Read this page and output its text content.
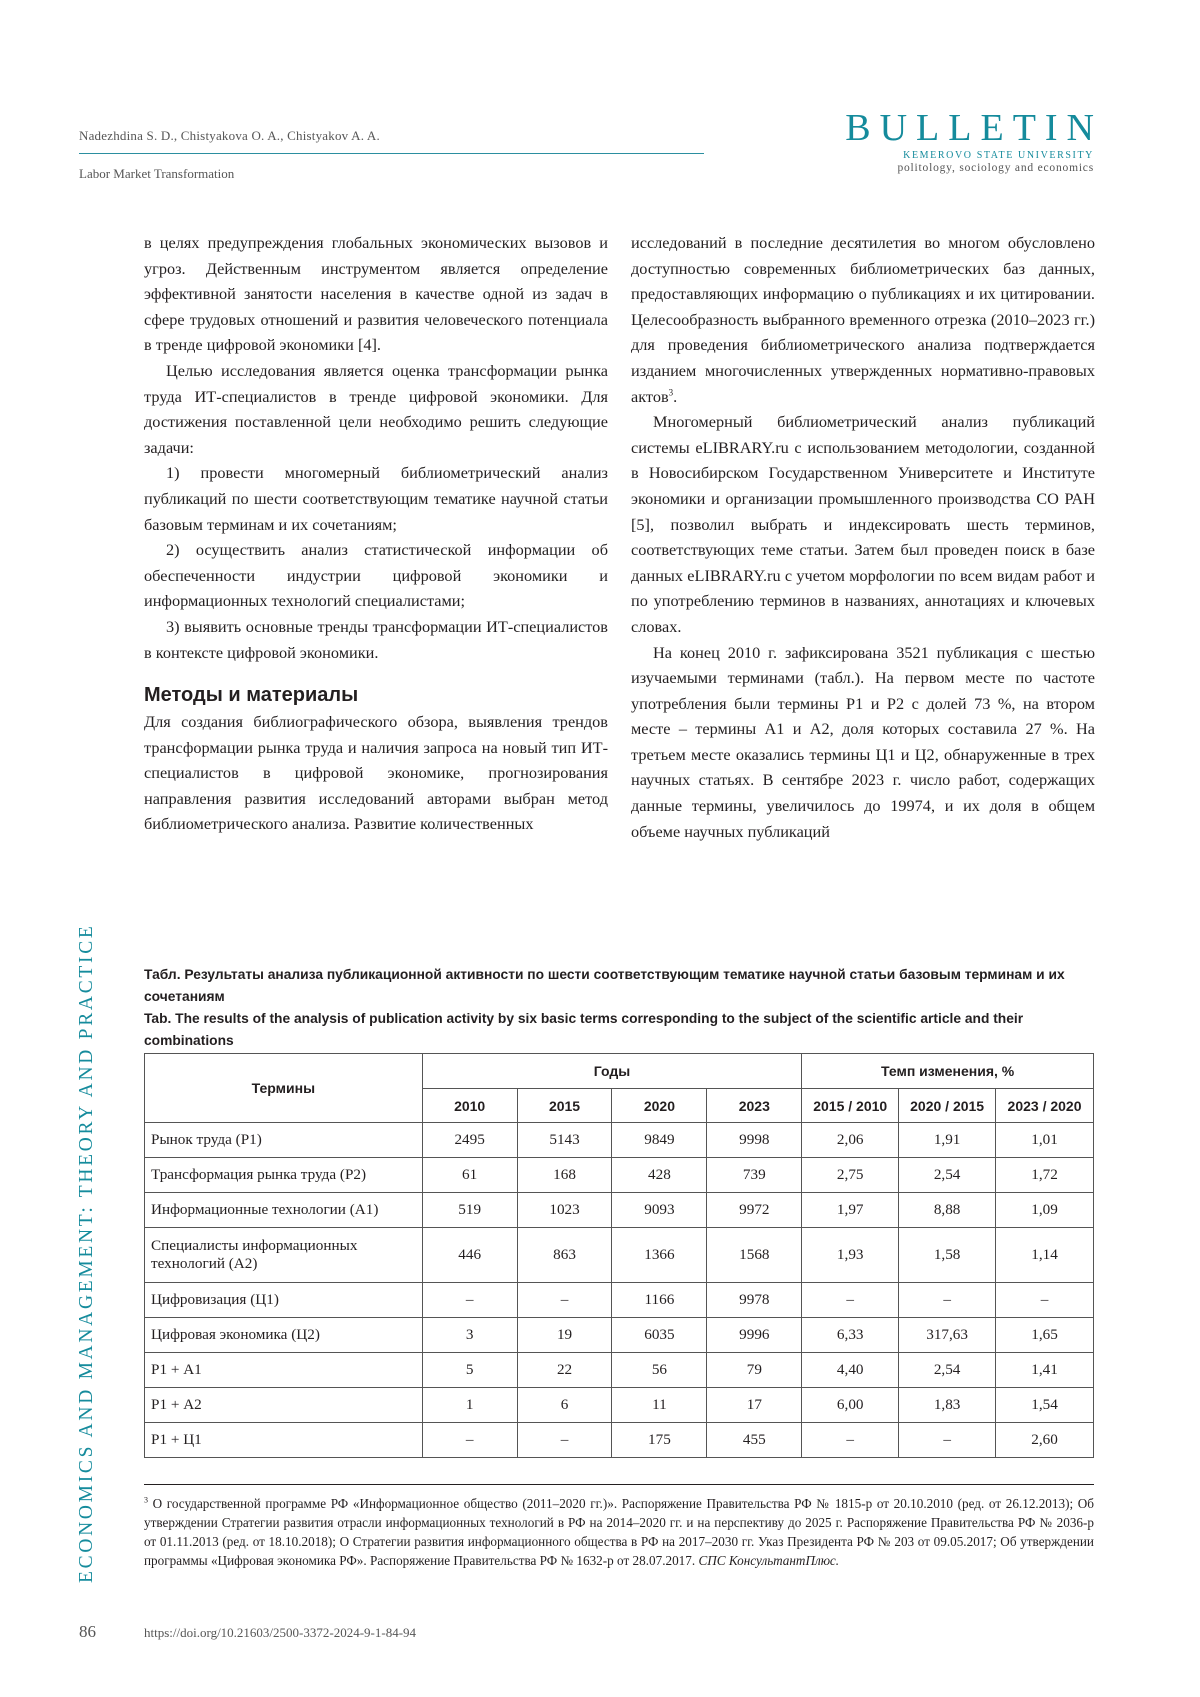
Nadezhdina S. D., Chistyakova O. A., Chistyakov A. A.
Labor Market Transformation
BULLETIN
KEMEROVO STATE UNIVERSITY
politology, sociology and economics
ECONOMICS AND MANAGEMENT: THEORY AND PRACTICE

в целях предупреждения глобальных экономических вызовов и угроз. Действенным инструментом является определение эффективной занятости населения в качестве одной из задач в сфере трудовых отношений и развития человеческого потенциала в тренде цифровой экономики [4].

Целью исследования является оценка трансформации рынка труда ИТ-специалистов в тренде цифровой экономики. Для достижения поставленной цели необходимо решить следующие задачи:

1) провести многомерный библиометрический анализ публикаций по шести соответствующим тематике научной статьи базовым терминам и их сочетаниям;

2) осуществить анализ статистической информации об обеспеченности индустрии цифровой экономики и информационных технологий специалистами;

3) выявить основные тренды трансформации ИТ-специалистов в контексте цифровой экономики.

Методы и материалы

Для создания библиографического обзора, выявления трендов трансформации рынка труда и наличия запроса на новый тип ИТ-специалистов в цифровой экономике, прогнозирования направления развития исследований авторами выбран метод библиометрического анализа. Развитие количественных

исследований в последние десятилетия во многом обусловлено доступностью современных библиометрических баз данных, предоставляющих информацию о публикациях и их цитировании. Целесообразность выбранного временного отрезка (2010–2023 гг.) для проведения библиометрического анализа подтверждается изданием многочисленных утвержденных нормативно-правовых актов$^3$.

Многомерный библиометрический анализ публикаций системы eLIBRARY.ru с использованием методологии, созданной в Новосибирском Государственном Университете и Институте экономики и организации промышленного производства СО РАН [5], позволил выбрать и индексировать шесть терминов, соответствующих теме статьи. Затем был проведен поиск в базе данных eLIBRARY.ru с учетом морфологии по всем видам работ и по употреблению терминов в названиях, аннотациях и ключевых словах.

На конец 2010 г. зафиксирована 3521 публикация с шестью изучаемыми терминами (табл.). На первом месте по частоте употребления были термины Р1 и Р2 с долей 73 %, на втором месте – термины А1 и А2, доля которых составила 27 %. На третьем месте оказались термины Ц1 и Ц2, обнаруженные в трех научных статьях. В сентябре 2023 г. число работ, содержащих данные термины, увеличилось до 19974, и их доля в общем объеме научных публикаций

Табл. Результаты анализа публикационной активности по шести соответствующим тематике научной статьи базовым терминам и их сочетаниям
Tab. The results of the analysis of publication activity by six basic terms corresponding to the subject of the scientific article and their combinations
Термины	Годы				Темп изменения, %		
	2010	2015	2020	2023	2015 / 2010	2020 / 2015	2023 / 2020
Рынок труда (Р1)	2495	5143	9849	9998	2,06	1,91	1,01
Трансформация рынка труда (Р2)	61	168	428	739	2,75	2,54	1,72
Информационные технологии (А1)	519	1023	9093	9972	1,97	8,88	1,09
Специалисты информационных технологий (А2)	446	863	1366	1568	1,93	1,58	1,14
Цифровизация (Ц1)	–	–	1166	9978	–	–	–
Цифровая экономика (Ц2)	3	19	6035	9996	6,33	317,63	1,65
Р1 + А1	5	22	56	79	4,40	2,54	1,41
Р1 + А2	1	6	11	17	6,00	1,83	1,54
Р1 + Ц1	–	–	175	455	–	–	2,60
$^3$ О государственной программе РФ «Информационное общество (2011–2020 гг.)». Распоряжение Правительства РФ № 1815-р от 20.10.2010 (ред. от 26.12.2013); Об утверждении Стратегии развития отрасли информационных технологий в РФ на 2014–2020 гг. и на перспективу до 2025 г. Распоряжение Правительства РФ № 2036-р от 01.11.2013 (ред. от 18.10.2018); О Стратегии развития информационного общества в РФ на 2017–2030 гг. Указ Президента РФ № 203 от 09.05.2017; Об утверждении программы «Цифровая экономика РФ». Распоряжение Правительства РФ № 1632-р от 28.07.2017. СПС КонсультантПлюс.
86	https://doi.org/10.21603/2500-3372-2024-9-1-84-94
